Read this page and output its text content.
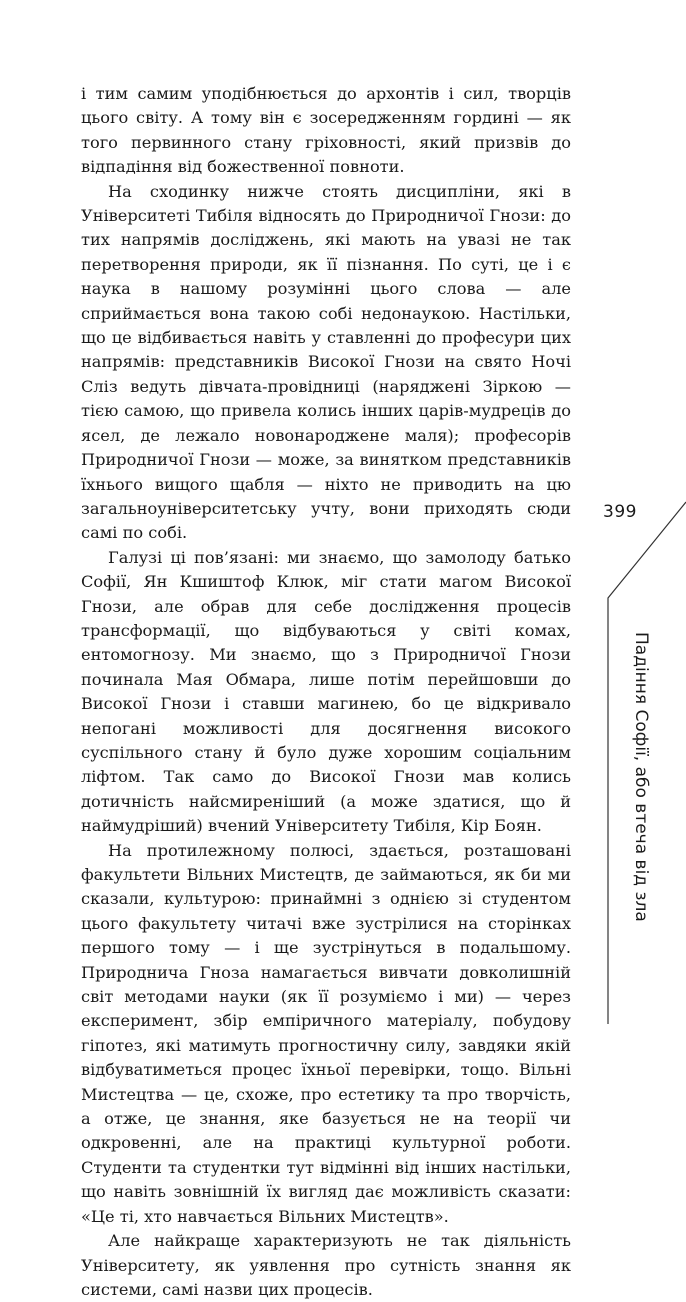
і тим самим уподібнюється до архонтів і сил, творців цього світу. А тому він є зосередженням гордині — як того первинного стану гріховності, який призвів до відпадіння від божественної повноти.

На сходинку нижче стоять дисципліни, які в Університеті Тибіля відносять до Природничої Гнози: до тих напрямів досліджень, які мають на увазі не так перетворення природи, як її пізнання. По суті, це і є наука в нашому розумінні цього слова — але сприймається вона такою собі недонаукою. Настільки, що це відбивається навіть у ставленні до професури цих напрямів: представників Високої Гнози на свято Ночі Сліз ведуть дівчата-провідниці (наряджені Зіркою — тією самою, що привела колись інших царів-мудреців до ясел, де лежало новонароджене маля); професорів Природничої Гнози — може, за винятком представників їхнього вищого щабля — ніхто не приводить на цю загальноуніверситетську учту, вони приходять сюди самі по собі.

Галузі ці пов’язані: ми знаємо, що замолоду батько Софії, Ян Кшиштоф Клюк, міг стати магом Високої Гнози, але обрав для себе дослідження процесів трансформації, що відбуваються у світі комах, ентомогнозу. Ми знаємо, що з Природничої Гнози починала Мая Обмара, лише потім перейшовши до Високої Гнози і ставши магинею, бо це відкривало непогані можливості для досягнення високого суспільного стану й було дуже хорошим соціальним ліфтом. Так само до Високої Гнози мав колись дотичність найсмиреніший (а може здатися, що й наймудріший) вчений Університету Тибіля, Кір Боян.

На протилежному полюсі, здається, розташовані факультети Вільних Мистецтв, де займаються, як би ми сказали, культурою: принаймні з однією зі студентом цього факультету читачі вже зустрілися на сторінках першого тому — і ще зустрінуться в подальшому. Природнича Гноза намагається вивчати довколишній світ методами науки (як її розуміємо і ми) — через експеримент, збір емпіричного матеріалу, побудову гіпотез, які матимуть прогностичну силу, завдяки якій відбуватиметься процес їхньої перевірки, тощо. Вільні Мистецтва — це, схоже, про естетику та про творчість, а отже, це знання, яке базується не на теорії чи одкровенні, але на практиці культурної роботи. Студенти та студентки тут відмінні від інших настільки, що навіть зовнішній їх вигляд дає можливість сказати: «Це ті, хто навчається Вільних Мистецтв».

Але найкраще характеризують не так діяльність Університету, як уявлення про сутність знання як системи, самі назви цих процесів.

399
Падіння Софії, або втеча від зла
